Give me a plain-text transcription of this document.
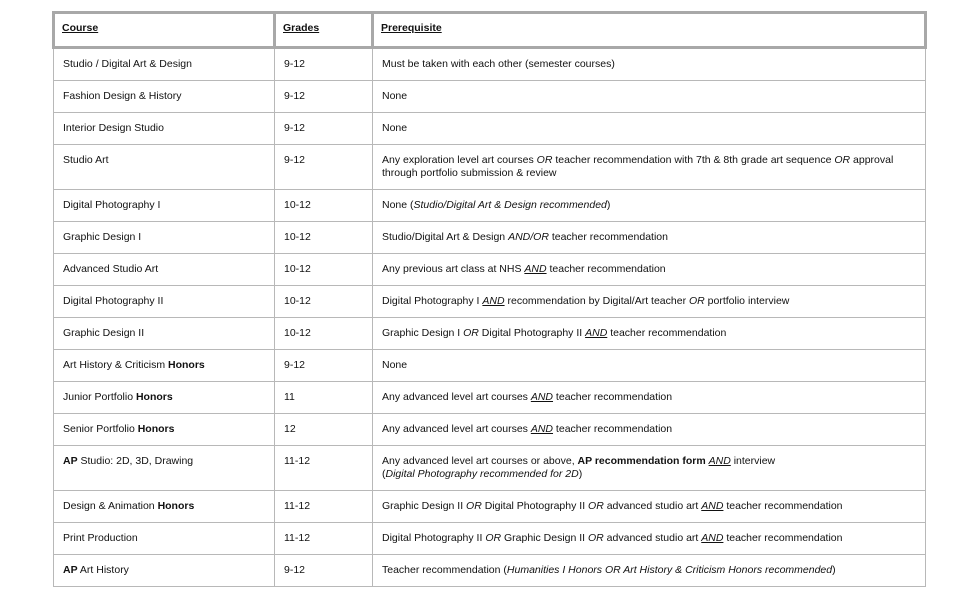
Course	Grades	Prerequisite
Studio / Digital Art & Design	9-12	Must be taken with each other (semester courses)
Fashion Design & History	9-12	None
Interior Design Studio	9-12	None
Studio Art	9-12	Any exploration level art courses OR teacher recommendation with 7th & 8th grade art sequence OR approval through portfolio submission & review
Digital Photography I	10-12	None (Studio/Digital Art & Design recommended)
Graphic Design I	10-12	Studio/Digital Art & Design AND/OR teacher recommendation
Advanced Studio Art	10-12	Any previous art class at NHS AND teacher recommendation
Digital Photography II	10-12	Digital Photography I AND recommendation by Digital/Art teacher OR portfolio interview
Graphic Design II	10-12	Graphic Design I OR Digital Photography II AND teacher recommendation
Art History & Criticism Honors	9-12	None
Junior Portfolio Honors	11	Any advanced level art courses AND teacher recommendation
Senior Portfolio Honors	12	Any advanced level art courses AND teacher recommendation
AP Studio: 2D, 3D, Drawing	11-12	Any advanced level art courses or above, AP recommendation form AND interview
(Digital Photography recommended for 2D)
Design & Animation Honors	11-12	Graphic Design II OR Digital Photography II OR advanced studio art AND teacher recommendation
Print Production	11-12	Digital Photography II OR Graphic Design II OR advanced studio art AND teacher recommendation
AP Art History	9-12	Teacher recommendation (Humanities I Honors OR Art History & Criticism Honors recommended)
